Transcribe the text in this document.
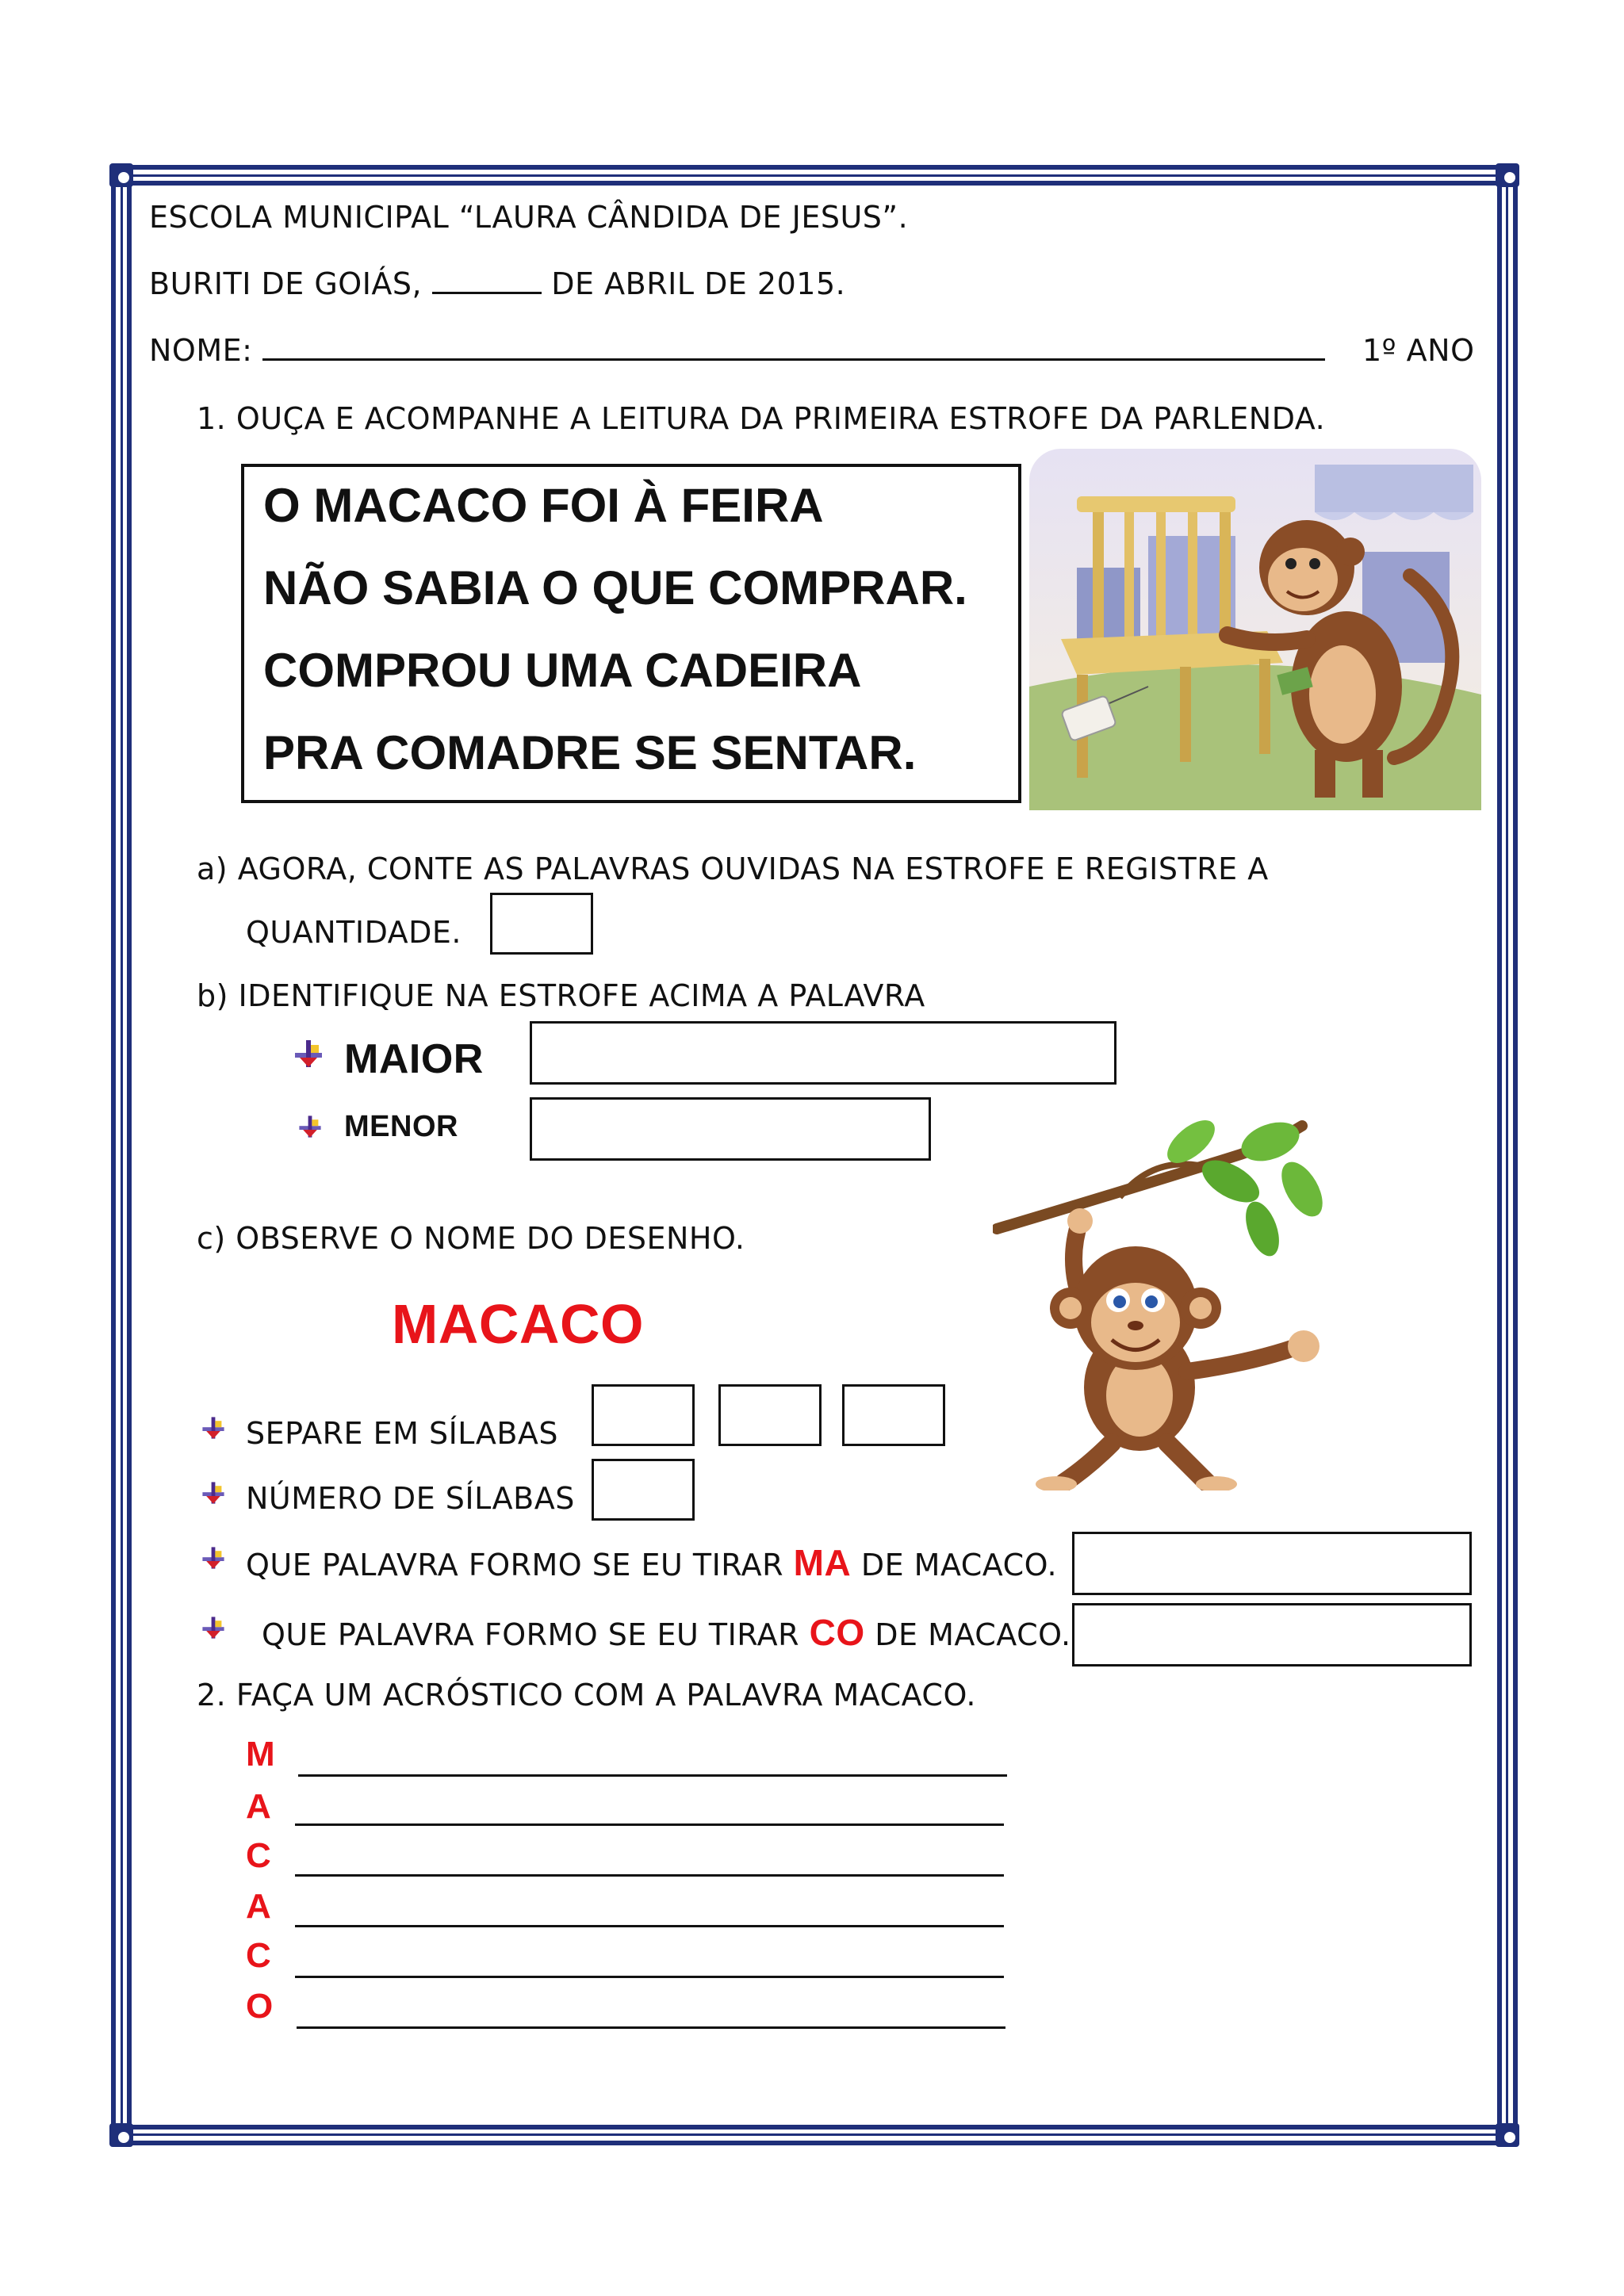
ESCOLA MUNICIPAL “LAURA CÂNDIDA DE JESUS”.
BURITI DE GOIÁS,	DE ABRIL DE 2015.
NOME:	1º ANO
1. OUÇA E ACOMPANHE A LEITURA DA PRIMEIRA ESTROFE DA PARLENDA.
O MACACO FOI À FEIRA
NÃO SABIA O QUE COMPRAR.
COMPROU UMA CADEIRA
PRA COMADRE SE SENTAR.
a) AGORA, CONTE AS PALAVRAS OUVIDAS NA ESTROFE E REGISTRE A
QUANTIDADE.
b) IDENTIFIQUE NA ESTROFE ACIMA A PALAVRA
MAIOR
MENOR
c) OBSERVE O NOME DO DESENHO.
MACACO
SEPARE EM SÍLABAS
NÚMERO DE SÍLABAS
QUE PALAVRA FORMO SE EU TIRAR MA DE MACACO.
QUE PALAVRA FORMO SE EU TIRAR CO DE MACACO.
2. FAÇA UM ACRÓSTICO COM A PALAVRA MACACO.
M
A
C
A
C
O
